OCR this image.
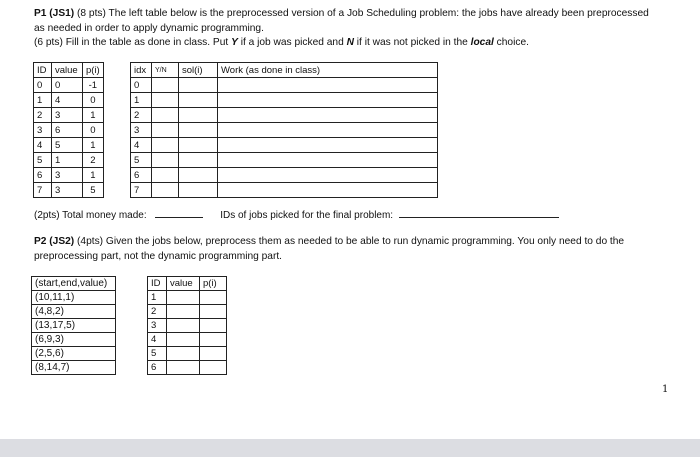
P1 (JS1) (8 pts) The left table below is the preprocessed version of a Job Scheduling problem: the jobs have already been preprocessed
as needed in order to apply dynamic programming.
(6 pts) Fill in the table as done in class. Put Y if a job was picked and N if it was not picked in the local choice.
ID	value	p(i)
0	0	-1
1	4	0
2	3	1
3	6	0
4	5	1
5	1	2
6	3	1
7	3	5
idx	Y/N	sol(i)	Work (as done in class)
0			
1			
2			
3			
4			
5			
6			
7			
(2pts) Total money made:	IDs of jobs picked for the final problem:
P2 (JS2) (4pts) Given the jobs below, preprocess them as needed to be able to run dynamic programming. You only need to do the
preprocessing part, not the dynamic programming part.
(start,end,value)
(10,11,1)
(4,8,2)
(13,17,5)
(6,9,3)
(2,5,6)
(8,14,7)
ID	value	p(i)
1		
2		
3		
4		
5		
6		
1
